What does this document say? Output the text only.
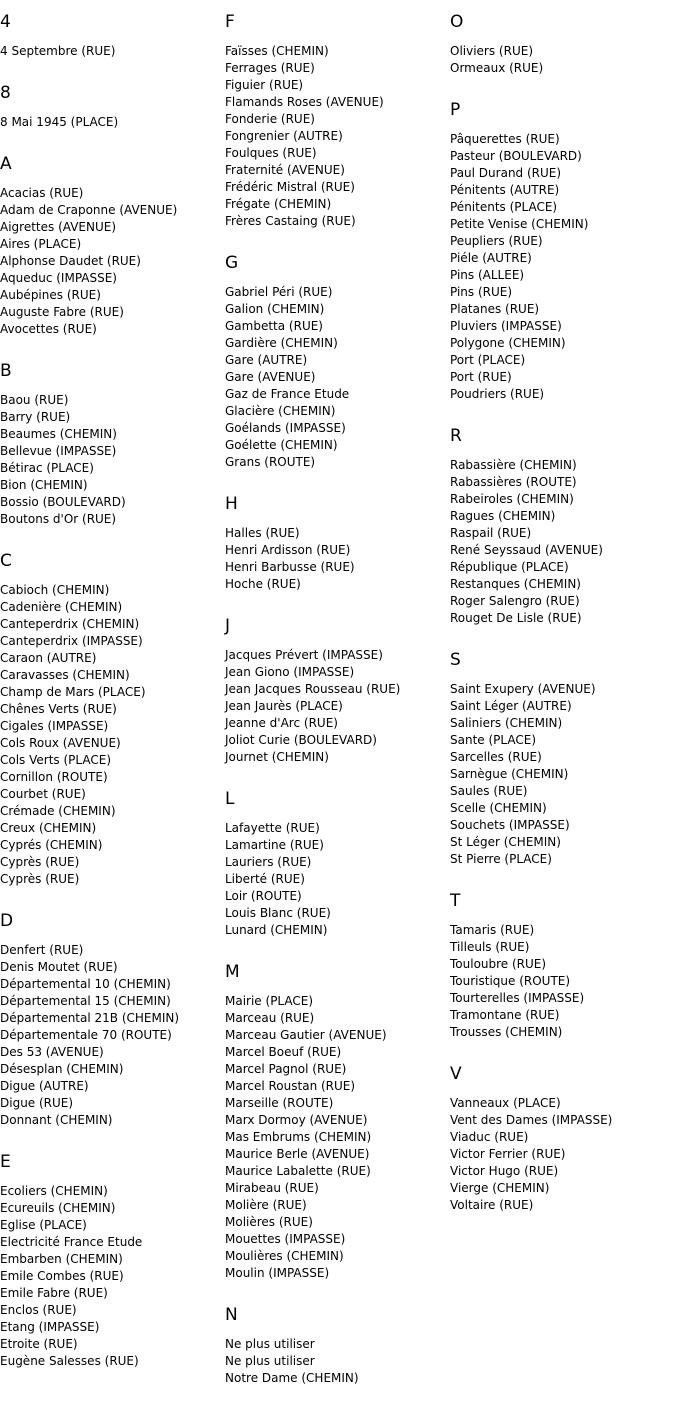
4
4 Septembre (RUE)
8
8 Mai 1945 (PLACE)
A
Acacias (RUE)
Adam de Craponne (AVENUE)
Aigrettes (AVENUE)
Aires (PLACE)
Alphonse Daudet (RUE)
Aqueduc (IMPASSE)
Aubépines (RUE)
Auguste Fabre (RUE)
Avocettes (RUE)
B
Baou (RUE)
Barry (RUE)
Beaumes (CHEMIN)
Bellevue (IMPASSE)
Bétirac (PLACE)
Bion (CHEMIN)
Bossio (BOULEVARD)
Boutons d'Or (RUE)
C
Cabioch (CHEMIN)
Cadenière (CHEMIN)
Canteperdrix (CHEMIN)
Canteperdrix (IMPASSE)
Caraon (AUTRE)
Caravasses (CHEMIN)
Champ de Mars (PLACE)
Chênes Verts (RUE)
Cigales (IMPASSE)
Cols Roux (AVENUE)
Cols Verts (PLACE)
Cornillon (ROUTE)
Courbet (RUE)
Crémade (CHEMIN)
Creux (CHEMIN)
Cyprés (CHEMIN)
Cyprès (RUE)
Cyprès (RUE)
D
Denfert (RUE)
Denis Moutet (RUE)
Départemental 10 (CHEMIN)
Départemental 15 (CHEMIN)
Départemental 21B (CHEMIN)
Départementale 70 (ROUTE)
Des 53 (AVENUE)
Désesplan (CHEMIN)
Digue (AUTRE)
Digue (RUE)
Donnant (CHEMIN)
E
Ecoliers (CHEMIN)
Ecureuils (CHEMIN)
Eglise (PLACE)
Electricité France Etude
Embarben (CHEMIN)
Emile Combes (RUE)
Emile Fabre (RUE)
Enclos (RUE)
Etang (IMPASSE)
Etroite (RUE)
Eugène Salesses (RUE)
F
Faïsses (CHEMIN)
Ferrages (RUE)
Figuier (RUE)
Flamands Roses (AVENUE)
Fonderie (RUE)
Fongrenier (AUTRE)
Foulques (RUE)
Fraternité (AVENUE)
Frédéric Mistral (RUE)
Frégate (CHEMIN)
Frères Castaing (RUE)
G
Gabriel Péri (RUE)
Galion (CHEMIN)
Gambetta (RUE)
Gardière (CHEMIN)
Gare (AUTRE)
Gare (AVENUE)
Gaz de France Etude
Glacière (CHEMIN)
Goélands (IMPASSE)
Goélette (CHEMIN)
Grans (ROUTE)
H
Halles (RUE)
Henri Ardisson (RUE)
Henri Barbusse (RUE)
Hoche (RUE)
J
Jacques Prévert (IMPASSE)
Jean Giono (IMPASSE)
Jean Jacques Rousseau (RUE)
Jean Jaurès (PLACE)
Jeanne d'Arc (RUE)
Joliot Curie (BOULEVARD)
Journet (CHEMIN)
L
Lafayette (RUE)
Lamartine (RUE)
Lauriers (RUE)
Liberté (RUE)
Loir (ROUTE)
Louis Blanc (RUE)
Lunard (CHEMIN)
M
Mairie (PLACE)
Marceau (RUE)
Marceau Gautier (AVENUE)
Marcel Boeuf (RUE)
Marcel Pagnol (RUE)
Marcel Roustan (RUE)
Marseille (ROUTE)
Marx Dormoy (AVENUE)
Mas Embrums (CHEMIN)
Maurice Berle (AVENUE)
Maurice Labalette (RUE)
Mirabeau (RUE)
Molière (RUE)
Molières (RUE)
Mouettes (IMPASSE)
Moulières (CHEMIN)
Moulin (IMPASSE)
N
Ne plus utiliser
Ne plus utiliser
Notre Dame (CHEMIN)
O
Oliviers (RUE)
Ormeaux (RUE)
P
Pâquerettes (RUE)
Pasteur (BOULEVARD)
Paul Durand (RUE)
Pénitents (AUTRE)
Pénitents (PLACE)
Petite Venise (CHEMIN)
Peupliers (RUE)
Piéle (AUTRE)
Pins (ALLEE)
Pins (RUE)
Platanes (RUE)
Pluviers (IMPASSE)
Polygone (CHEMIN)
Port (PLACE)
Port (RUE)
Poudriers (RUE)
R
Rabassière (CHEMIN)
Rabassières (ROUTE)
Rabeiroles (CHEMIN)
Ragues (CHEMIN)
Raspail (RUE)
René Seyssaud (AVENUE)
République (PLACE)
Restanques (CHEMIN)
Roger Salengro (RUE)
Rouget De Lisle (RUE)
S
Saint Exupery (AVENUE)
Saint Léger (AUTRE)
Saliniers (CHEMIN)
Sante (PLACE)
Sarcelles (RUE)
Sarnègue (CHEMIN)
Saules (RUE)
Scelle (CHEMIN)
Souchets (IMPASSE)
St Léger (CHEMIN)
St Pierre (PLACE)
T
Tamaris (RUE)
Tilleuls (RUE)
Touloubre (RUE)
Touristique (ROUTE)
Tourterelles (IMPASSE)
Tramontane (RUE)
Trousses (CHEMIN)
V
Vanneaux (PLACE)
Vent des Dames (IMPASSE)
Viaduc (RUE)
Victor Ferrier (RUE)
Victor Hugo (RUE)
Vierge (CHEMIN)
Voltaire (RUE)
